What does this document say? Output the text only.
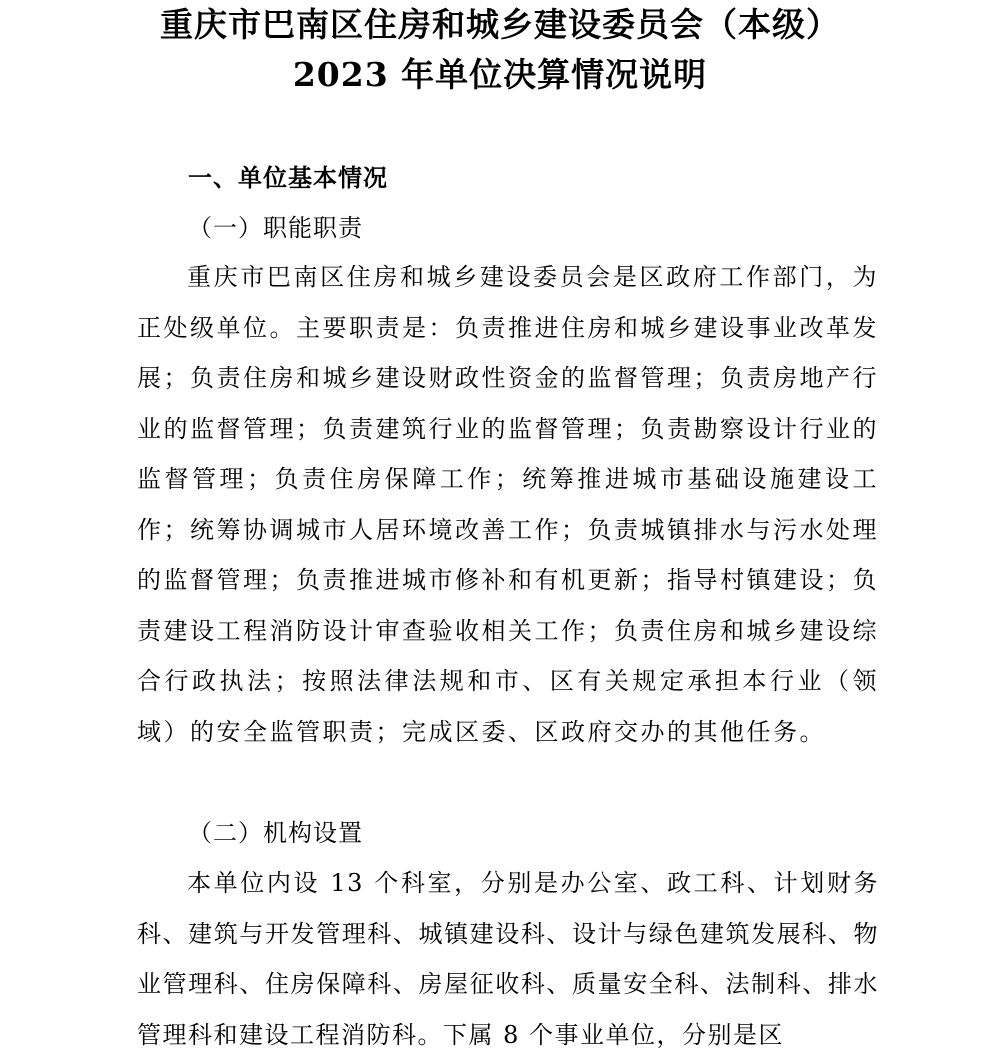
重庆市巴南区住房和城乡建设委员会（本级）
2023 年单位决算情况说明
一、单位基本情况
（一）职能职责
重庆市巴南区住房和城乡建设委员会是区政府工作部门，为正处级单位。主要职责是：负责推进住房和城乡建设事业改革发展；负责住房和城乡建设财政性资金的监督管理；负责房地产行业的监督管理；负责建筑行业的监督管理；负责勘察设计行业的监督管理；负责住房保障工作；统筹推进城市基础设施建设工作；统筹协调城市人居环境改善工作；负责城镇排水与污水处理的监督管理；负责推进城市修补和有机更新；指导村镇建设；负责建设工程消防设计审查验收相关工作；负责住房和城乡建设综合行政执法；按照法律法规和市、区有关规定承担本行业（领域）的安全监管职责；完成区委、区政府交办的其他任务。
（二）机构设置
本单位内设 13 个科室，分别是办公室、政工科、计划财务科、建筑与开发管理科、城镇建设科、设计与绿色建筑发展科、物业管理科、住房保障科、房屋征收科、质量安全科、法制科、排水管理科和建设工程消防科。下属 8 个事业单位，分别是区
